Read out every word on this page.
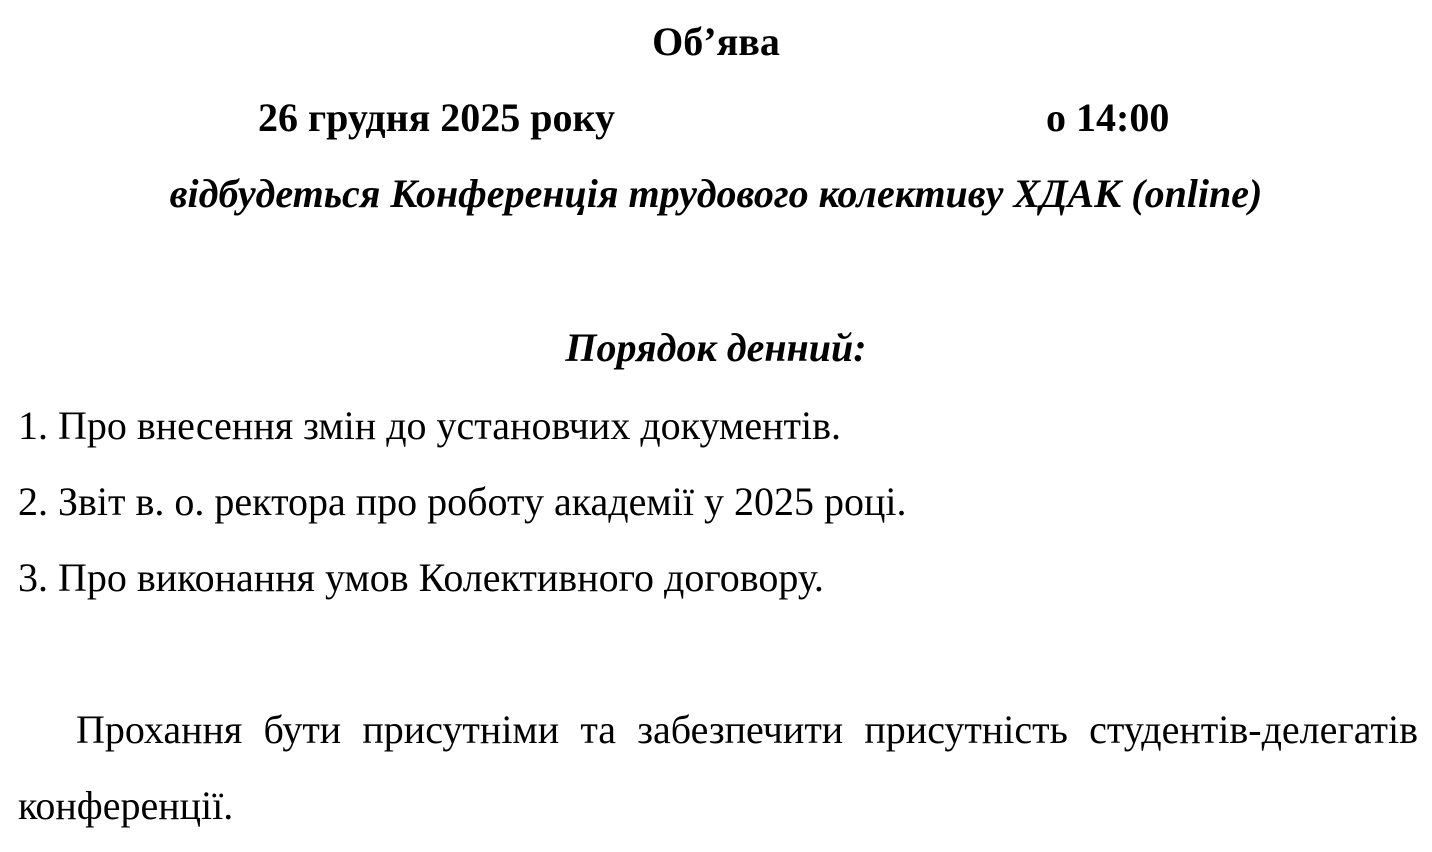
Об’ява
26 грудня 2025 року	о 14:00
відбудеться Конференція трудового колективу ХДАК (online)
Порядок денний:
1. Про внесення змін до установчих документів.
2. Звіт в. о. ректора про роботу академії у 2025 році.
3. Про виконання умов Колективного договору.

Прохання бути присутніми та забезпечити присутність студентів-делегатів конференції.
